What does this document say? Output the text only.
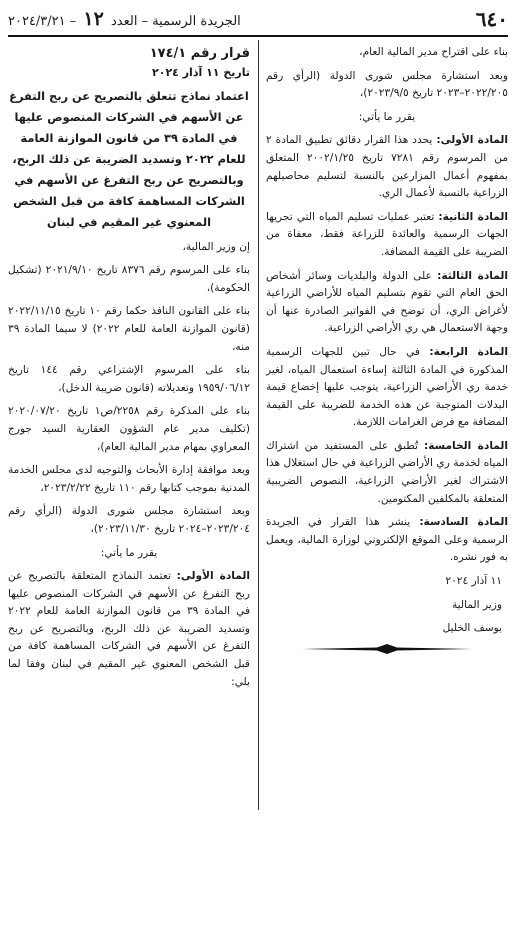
٦٤٠
الجريدة الرسمية – العدد ١٢ – ٢٠٢٤/٣/٢١

بناء على اقتراح مدير المالية العام،

وبعد استشارة مجلس شورى الدولة (الرأي رقم ٢٠٢٢/٢٠٥–٢٠٢٣ تاريخ ٢٠٢٣/٩/٥)،

يقرر ما يأتي:

المادة الأولى: يحدد هذا القرار دقائق تطبيق المادة ٢ من المرسوم رقم ٧٢٨١ تاريخ ٢٠٠٢/١/٢٥ المتعلق بمفهوم أعمال المزارعين بالنسبة لتسليم محاصيلهم الزراعية بالنسبة لأعمال الري.

المادة الثانية: تعتبر عمليات تسليم المياه التي تجريها الجهات الرسمية والعائدة للزراعة فقط، معفاة من الضريبة على القيمة المضافة.

المادة الثالثة: على الدولة والبلديات وسائر أشخاص الحق العام التي تقوم بتسليم المياه للأراضي الزراعية لأغراض الري، أن توضح في الفواتير الصادرة عنها أن وجهة الاستعمال هي ري الأراضي الزراعية.

المادة الرابعة: في حال تبين للجهات الرسمية المذكورة في المادة الثالثة إساءة استعمال المياه، لغير خدمة ري الأراضي الزراعية، يتوجب عليها إخضاع قيمة البدلات المتوجبة عن هذه الخدمة للضريبة على القيمة المضافة مع فرض الغرامات اللازمة.

المادة الخامسة: تُطبق على المستفيد من اشتراك المياه لخدمة ري الأراضي الزراعية في حال استغلال هذا الاشتراك لغير الأراضي الزراعية، النصوص الضريبية المتعلقة بالمكلفين المكتومين.

المادة السادسة: ينشر هذا القرار في الجريدة الرسمية وعلى الموقع الإلكتروني لوزارة المالية، ويعمل به فور نشره.

١١ آذار ٢٠٢٤

وزير المالية

يوسف الخليل

قرار رقم ١٧٤/١

تاريخ ١١ آذار ٢٠٢٤

اعتماد نماذج تتعلق بالتصريح عن ربح التفرغ عن الأسهم في الشركات المنصوص عليها في المادة ٣٩ من قانون الموازنة العامة للعام ٢٠٢٢ وتسديد الضريبة عن ذلك الربح، وبالتصريح عن ربح التفرغ عن الأسهم في الشركات المساهمة كافة من قبل الشخص المعنوي غير المقيم في لبنان

إن وزير المالية،

بناء على المرسوم رقم ٨٣٧٦ تاريخ ٢٠٢١/٩/١٠ (تشكيل الحكومة)،

بناء على القانون النافذ حكما رقم ١٠ تاريخ ٢٠٢٢/١١/١٥ (قانون الموازنة العامة للعام ٢٠٢٢) لا سيما المادة ٣٩ منه،

بناء على المرسوم الإشتراعي رقم ١٤٤ تاريخ ١٩٥٩/٠٦/١٢ وتعديلاته (قانون ضريبة الدخل)،

بناء على المذكرة رقم ٢٢٥٨/ص١ تاريخ ٢٠٢٠/٠٧/٢٠ (تكليف مدير عام الشؤون العقارية السيد جورج المعراوي بمهام مدير المالية العام)،

وبعد موافقة إدارة الأبحاث والتوجيه لدى مجلس الخدمة المدنية بموجب كتابها رقم ١١٠ تاريخ ٢٠٢٣/٢/٢٢،

وبعد استشارة مجلس شورى الدولة (الرأي رقم ٢٠٢٣/٢٠٤–٢٠٢٤ تاريخ ٢٠٢٣/١١/٣٠)،

يقرر ما يأتي:

المادة الأولى: تعتمد النماذج المتعلقة بالتصريح عن ربح التفرغ عن الأسهم في الشركات المنصوص عليها في المادة ٣٩ من قانون الموازنة العامة للعام ٢٠٢٢ وتسديد الضريبة عن ذلك الربح، وبالتصريح عن ربح التفرغ عن الأسهم في الشركات المساهمة كافة من قبل الشخص المعنوي غير المقيم في لبنان وفقا لما يلي:
